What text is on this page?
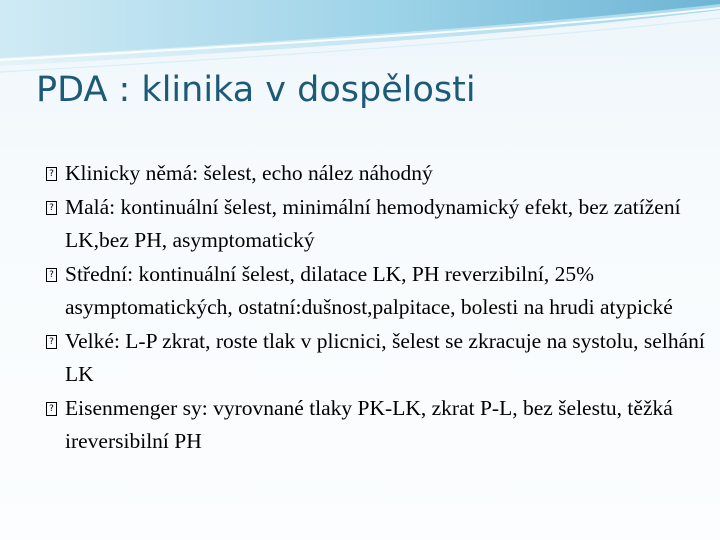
PDA : klinika v dospělosti
? Klinicky němá: šelest, echo nález náhodný
? Malá: kontinuální šelest, minimální hemodynamický efekt, bez zatížení LK,bez PH, asymptomatický
? Střední: kontinuální šelest, dilatace LK, PH reverzibilní, 25% asymptomatických, ostatní:dušnost,palpitace, bolesti na hrudi atypické
? Velké: L-P zkrat, roste tlak v plicnici, šelest se zkracuje na systolu, selhání LK
? Eisenmenger sy: vyrovnané tlaky PK-LK, zkrat P-L, bez šelestu, těžká ireversibilní PH
